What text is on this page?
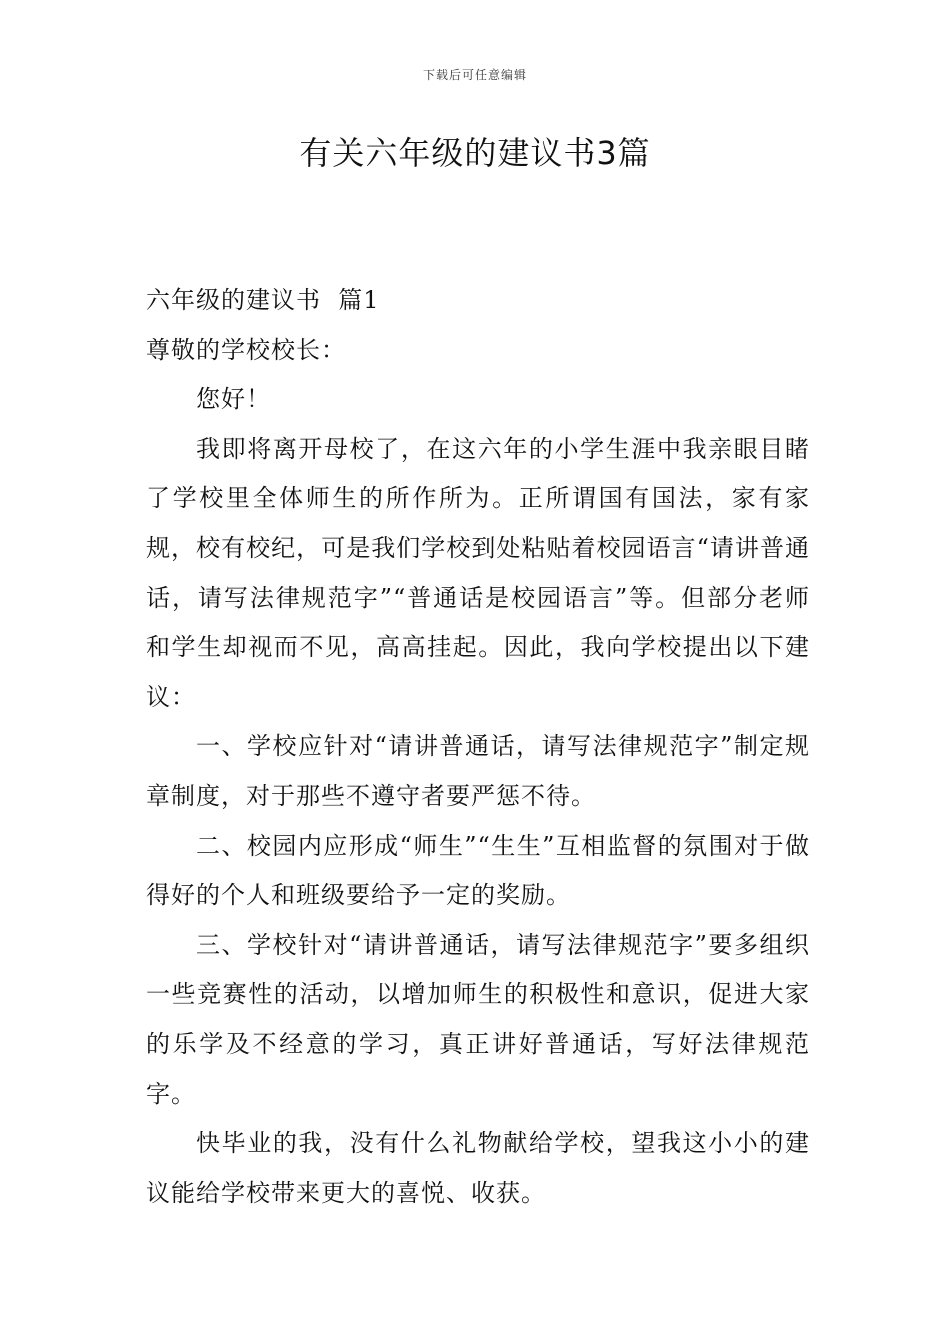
下载后可任意编辑
有关六年级的建议书3篇

六年级的建议书  篇1

尊敬的学校校长：

您好！

我即将离开母校了，在这六年的小学生涯中我亲眼目睹了学校里全体师生的所作所为。正所谓国有国法，家有家规，校有校纪，可是我们学校到处粘贴着校园语言“请讲普通话，请写法律规范字”“普通话是校园语言”等。但部分老师和学生却视而不见，高高挂起。因此，我向学校提出以下建议：

一、学校应针对“请讲普通话，请写法律规范字”制定规章制度，对于那些不遵守者要严惩不待。

二、校园内应形成“师生”“生生”互相监督的氛围对于做得好的个人和班级要给予一定的奖励。

三、学校针对“请讲普通话，请写法律规范字”要多组织一些竞赛性的活动，以增加师生的积极性和意识，促进大家的乐学及不经意的学习，真正讲好普通话，写好法律规范字。

快毕业的我，没有什么礼物献给学校，望我这小小的建议能给学校带来更大的喜悦、收获。
